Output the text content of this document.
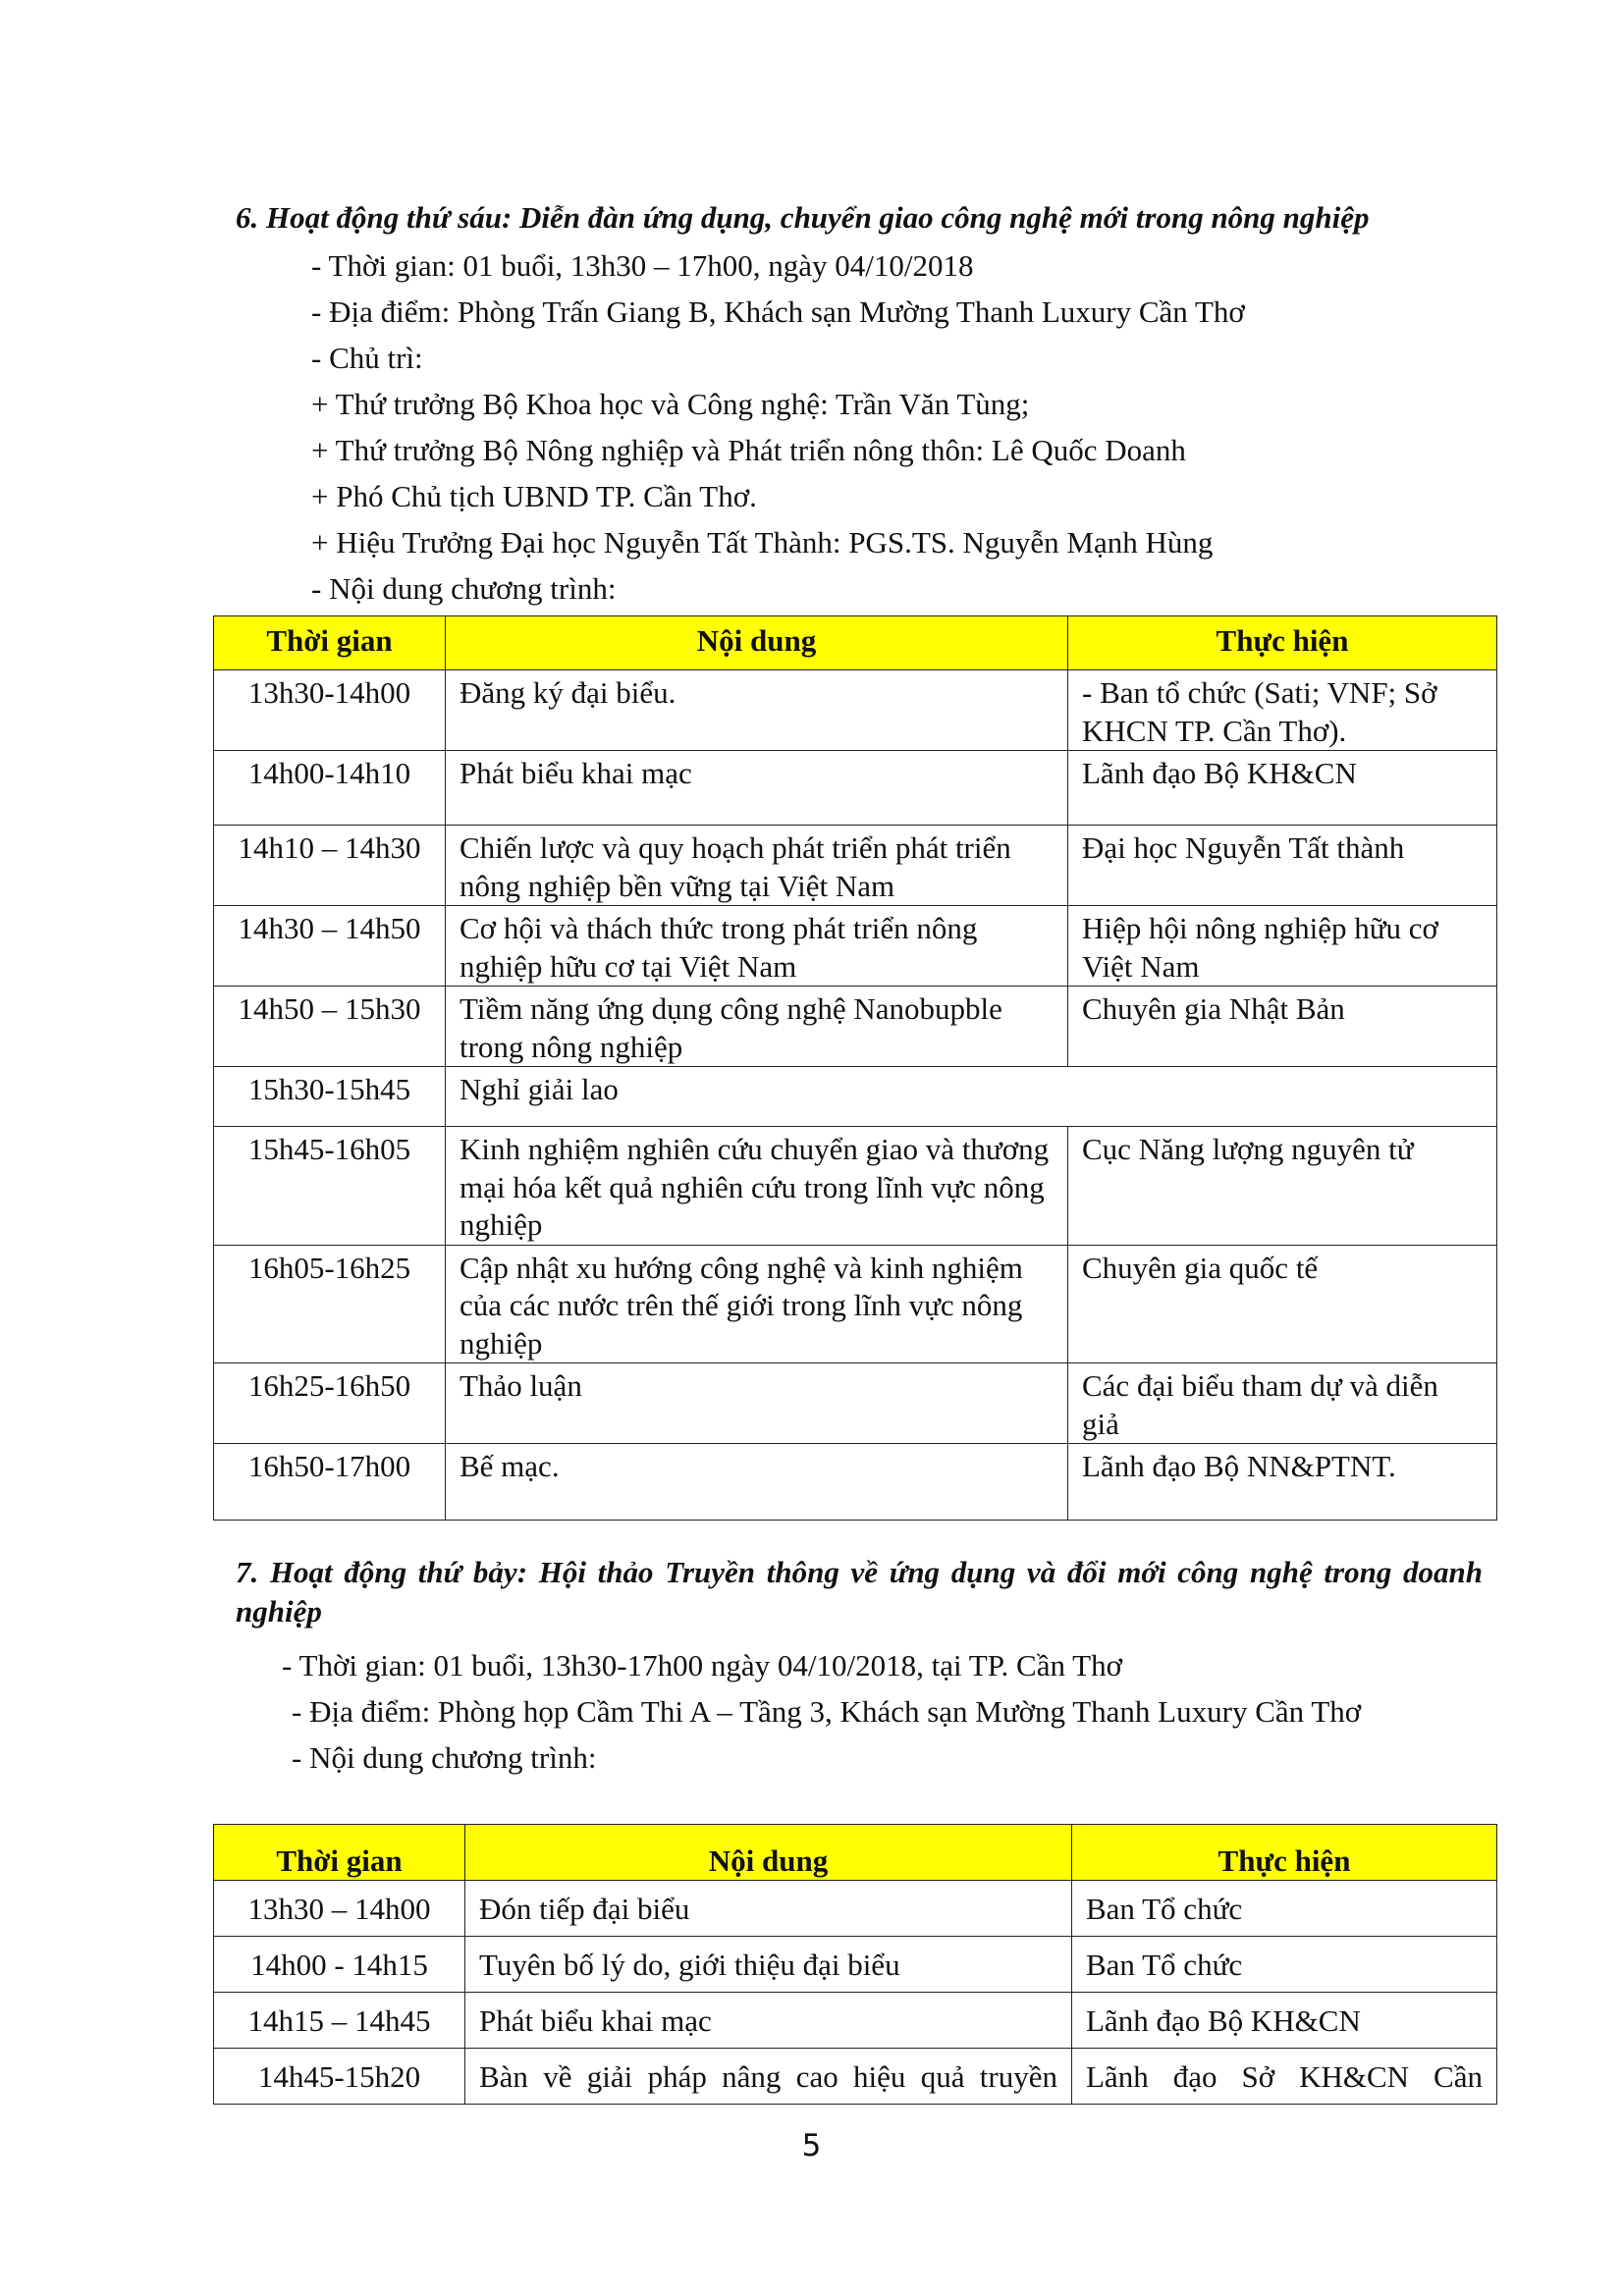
6. Hoạt động thứ sáu: Diễn đàn ứng dụng, chuyển giao công nghệ mới trong nông nghiệp

- Thời gian: 01 buổi, 13h30 – 17h00, ngày 04/10/2018
- Địa điểm: Phòng Trấn Giang B, Khách sạn Mường Thanh Luxury Cần Thơ
- Chủ trì:
+ Thứ trưởng Bộ Khoa học và Công nghệ: Trần Văn Tùng;
+ Thứ trưởng Bộ Nông nghiệp và Phát triển nông thôn: Lê Quốc Doanh
+ Phó Chủ tịch UBND TP. Cần Thơ.
+ Hiệu Trưởng Đại học Nguyễn Tất Thành: PGS.TS. Nguyễn Mạnh Hùng
- Nội dung chương trình:
Thời gian	Nội dung	Thực hiện
13h30-14h00	Đăng ký đại biểu.	- Ban tổ chức (Sati; VNF; Sở KHCN TP. Cần Thơ).
14h00-14h10	Phát biểu khai mạc	Lãnh đạo Bộ KH&CN
14h10 – 14h30	Chiến lược và quy hoạch phát triển phát triển nông nghiệp bền vững tại Việt Nam	Đại học Nguyễn Tất thành
14h30 – 14h50	Cơ hội và thách thức trong phát triển nông nghiệp hữu cơ tại Việt Nam	Hiệp hội nông nghiệp hữu cơ Việt Nam
14h50 – 15h30	Tiềm năng ứng dụng công nghệ Nanobupble trong nông nghiệp	Chuyên gia Nhật Bản
15h30-15h45	Nghỉ giải lao	
15h45-16h05	Kinh nghiệm nghiên cứu chuyển giao và thương mại hóa kết quả nghiên cứu trong lĩnh vực nông nghiệp	Cục Năng lượng nguyên tử
16h05-16h25	Cập nhật xu hướng công nghệ và kinh nghiệm của các nước trên thế giới trong lĩnh vực nông nghiệp	Chuyên gia quốc tế
16h25-16h50	Thảo luận	Các đại biểu tham dự và diễn giả
16h50-17h00	Bế mạc.	Lãnh đạo Bộ NN&PTNT.

7. Hoạt động thứ bảy: Hội thảo Truyền thông về ứng dụng và đổi mới công nghệ trong doanh nghiệp

- Thời gian: 01 buổi, 13h30-17h00 ngày 04/10/2018, tại TP. Cần Thơ
- Địa điểm: Phòng họp Cầm Thi A – Tầng 3, Khách sạn Mường Thanh Luxury Cần Thơ
- Nội dung chương trình:
Thời gian	Nội dung	Thực hiện
13h30 – 14h00	Đón tiếp đại biểu	Ban Tổ chức
14h00 - 14h15	Tuyên bố lý do, giới thiệu đại biểu	Ban Tổ chức
14h15 – 14h45	Phát biểu khai mạc	Lãnh đạo Bộ KH&CN
14h45-15h20	Bàn về giải pháp nâng cao hiệu quả truyền	Lãnh đạo Sở KH&CN Cần
5
